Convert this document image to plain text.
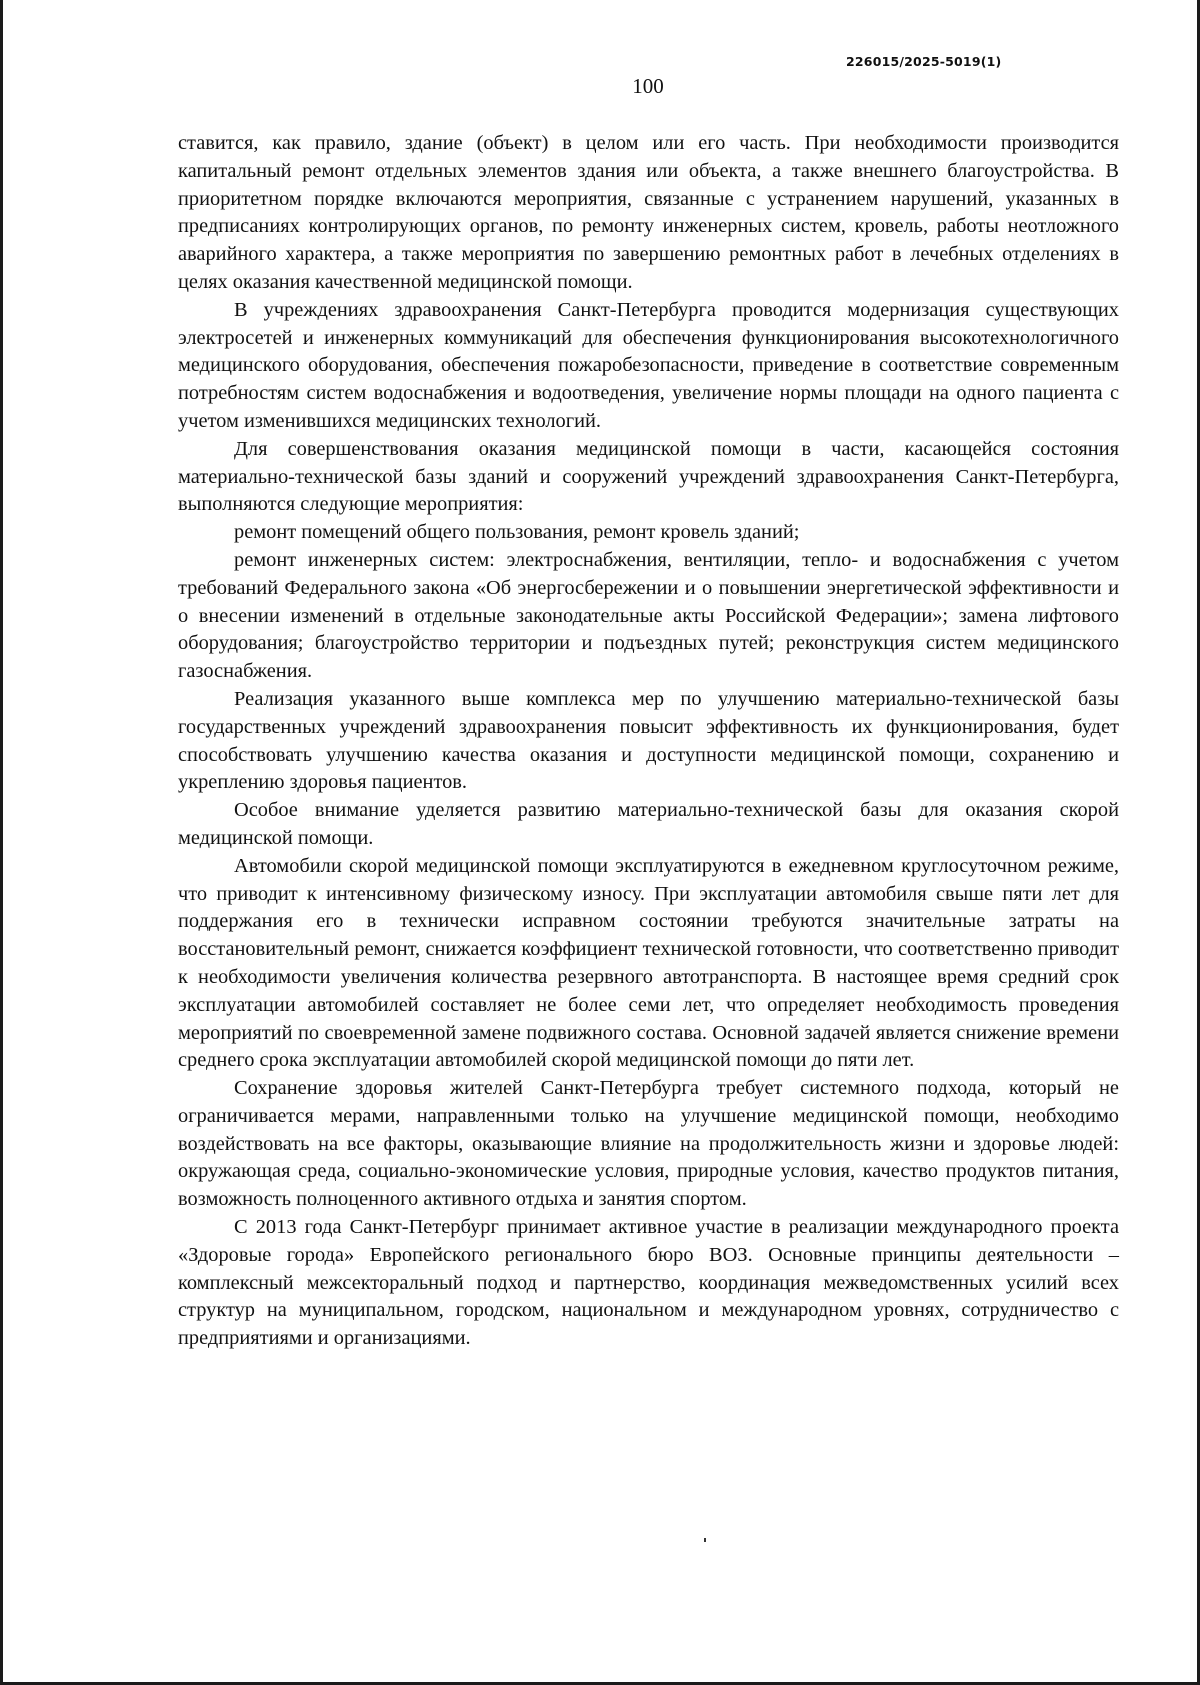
226015/2025-5019(1)
100

ставится, как правило, здание (объект) в целом или его часть. При необходимости производится капитальный ремонт отдельных элементов здания или объекта, а также внешнего благоустройства. В приоритетном порядке включаются мероприятия, связанные с устранением нарушений, указанных в предписаниях контролирующих органов, по ремонту инженерных систем, кровель, работы неотложного аварийного характера, а также мероприятия по завершению ремонтных работ в лечебных отделениях в целях оказания качественной медицинской помощи.

В учреждениях здравоохранения Санкт-Петербурга проводится модернизация существующих электросетей и инженерных коммуникаций для обеспечения функционирования высокотехнологичного медицинского оборудования, обеспечения пожаробезопасности, приведение в соответствие современным потребностям систем водоснабжения и водоотведения, увеличение нормы площади на одного пациента с учетом изменившихся медицинских технологий.

Для совершенствования оказания медицинской помощи в части, касающейся состояния материально-технической базы зданий и сооружений учреждений здравоохранения Санкт-Петербурга, выполняются следующие мероприятия:

ремонт помещений общего пользования, ремонт кровель зданий;

ремонт инженерных систем: электроснабжения, вентиляции, тепло- и водоснабжения с учетом требований Федерального закона «Об энергосбережении и о повышении энергетической эффективности и о внесении изменений в отдельные законодательные акты Российской Федерации»; замена лифтового оборудования; благоустройство территории и подъездных путей; реконструкция систем медицинского газоснабжения.

Реализация указанного выше комплекса мер по улучшению материально-технической базы государственных учреждений здравоохранения повысит эффективность их функционирования, будет способствовать улучшению качества оказания и доступности медицинской помощи, сохранению и укреплению здоровья пациентов.

Особое внимание уделяется развитию материально-технической базы для оказания скорой медицинской помощи.

Автомобили скорой медицинской помощи эксплуатируются в ежедневном круглосуточном режиме, что приводит к интенсивному физическому износу. При эксплуатации автомобиля свыше пяти лет для поддержания его в технически исправном состоянии требуются значительные затраты на восстановительный ремонт, снижается коэффициент технической готовности, что соответственно приводит к необходимости увеличения количества резервного автотранспорта. В настоящее время средний срок эксплуатации автомобилей составляет не более семи лет, что определяет необходимость проведения мероприятий по своевременной замене подвижного состава. Основной задачей является снижение времени среднего срока эксплуатации автомобилей скорой медицинской помощи до пяти лет.

Сохранение здоровья жителей Санкт-Петербурга требует системного подхода, который не ограничивается мерами, направленными только на улучшение медицинской помощи, необходимо воздействовать на все факторы, оказывающие влияние на продолжительность жизни и здоровье людей: окружающая среда, социально-экономические условия, природные условия, качество продуктов питания, возможность полноценного активного отдыха и занятия спортом.

С 2013 года Санкт-Петербург принимает активное участие в реализации международного проекта «Здоровые города» Европейского регионального бюро ВОЗ. Основные принципы деятельности – комплексный межсекторальный подход и партнерство, координация межведомственных усилий всех структур на муниципальном, городском, национальном и международном уровнях, сотрудничество с предприятиями и организациями.
